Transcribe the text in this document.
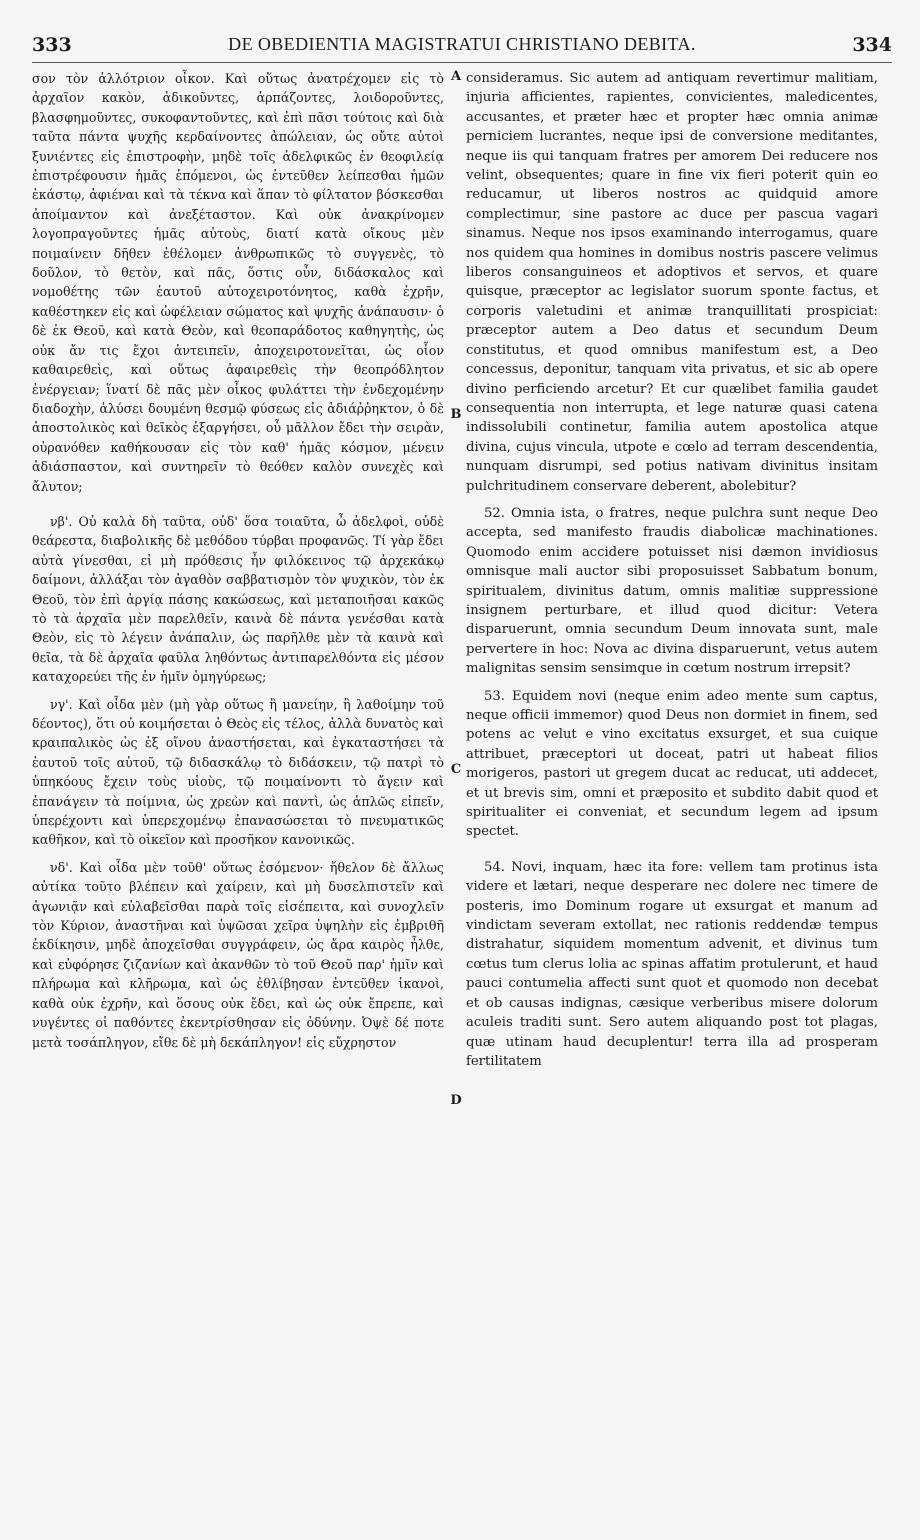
333	DE OBEDIENTIA MAGISTRATUI CHRISTIANO DEBITA.	334

σον τὸν ἀλλότριον οἶκον. Καὶ οὕτως ἀνατρέχομεν εἰς τὸ ἀρχαῖον κακὸν, ἀδικοῦντες, ἁρπάζοντες, λοιδοροῦντες, βλασφημοῦντες, συκοφαντοῦντες, καὶ ἐπὶ πᾶσι τούτοις καὶ διὰ ταῦτα πάντα ψυχῆς κερδαίνοντες ἀπώλειαν, ὡς οὔτε αὐτοὶ ξυνιέντες εἰς ἐπιστροφὴν, μηδὲ τοῖς ἀδελφικῶς ἐν θεοφιλείᾳ ἐπιστρέφουσιν ἡμᾶς ἑπόμενοι, ὡς ἐντεῦθεν λείπεσθαι ἡμῶν ἑκάστῳ, ἀφιέναι καὶ τὰ τέκνα καὶ ἅπαν τὸ φίλτατον βόσκεσθαι ἀποίμαντον καὶ ἀνεξέταστον. Καὶ οὐκ ἀνακρίνομεν λογοπραγοῦντες ἡμᾶς αὐτοὺς, διατί κατὰ οἴκους μὲν ποιμαίνειν δῆθεν ἐθέλομεν ἀνθρωπικῶς τὸ συγγενὲς, τὸ δοῦλον, τὸ θετὸν, καὶ πᾶς, ὅστις οὖν, διδάσκαλος καὶ νομοθέτης τῶν ἑαυτοῦ αὐτοχειροτόνητος, καθὰ ἐχρῆν, καθέστηκεν εἰς καὶ ὠφέλειαν σώματος καὶ ψυχῆς ἀνάπαυσιν· ὁ δὲ ἐκ Θεοῦ, καὶ κατὰ Θεὸν, καὶ θεοπαράδοτος καθηγητὴς, ὡς οὐκ ἄν τις ἔχοι ἀντειπεῖν, ἀποχειροτονεῖται, ὡς οἷον καθαιρεθεὶς, καὶ οὕτως ἀφαιρεθεὶς τὴν θεοπρόδλητον ἐνέργειαν; ἵνατί δὲ πᾶς μὲν οἶκος φυλάττει τὴν ἐνδεχομένην διαδοχὴν, ἁλύσει δουμένη θεσμῷ φύσεως εἰς ἀδιάῤῥηκτον, ὁ δὲ ἀποστολικὸς καὶ θεῖκὸς ἐξαργήσει, οὗ μᾶλλον ἔδει τὴν σειρὰν, οὐρανόθεν καθήκουσαν εἰς τὸν καθ' ἡμᾶς κόσμον, μένειν ἀδιάσπαστον, καὶ συντηρεῖν τὸ θεόθεν καλὸν συνεχὲς καὶ ἄλυτον;

νβ'. Οὐ καλὰ δὴ ταῦτα, οὐδ' ὅσα τοιαῦτα, ὦ ἀδελφοὶ, οὐδὲ θεάρεστα, διαβολικῆς δὲ μεθόδου τύρβαι προφανῶς. Τί γὰρ ἔδει αὐτὰ γίνεσθαι, εἰ μὴ πρόθεσις ἦν φιλόκεινος τῷ ἀρχεκάκῳ δαίμονι, ἀλλάξαι τὸν ἀγαθὸν σαββατισμὸν τὸν ψυχικὸν, τὸν ἐκ Θεοῦ, τὸν ἐπὶ ἀργίᾳ πάσης κακώσεως, καὶ μεταποιῆσαι κακῶς τὸ τὰ ἀρχαῖα μὲν παρελθεῖν, καινὰ δὲ πάντα γενέσθαι κατὰ Θεὸν, εἰς τὸ λέγειν ἀνάπαλιν, ὡς παρῆλθε μὲν τὰ καινὰ καὶ θεῖα, τὰ δὲ ἀρχαῖα φαῦλα ληθόντως ἀντιπαρελθόντα εἰς μέσον καταχορεύει τῆς ἐν ἡμῖν ὁμηγύρεως;

νγ'. Καὶ οἶδα μὲν (μὴ γὰρ οὕτως ἢ μανείην, ἢ λαθοίμην τοῦ δέοντος), ὅτι οὐ κοιμήσεται ὁ Θεὸς εἰς τέλος, ἀλλὰ δυνατὸς καὶ κραιπαλικὸς ὡς ἐξ οἴνου ἀναστήσεται, καὶ ἐγκαταστήσει τὰ ἑαυτοῦ τοῖς αὐτοῦ, τῷ διδασκάλῳ τὸ διδάσκειν, τῷ πατρὶ τὸ ὑπηκόους ἔχειν τοὺς υἱοὺς, τῷ ποιμαίνοντι τὸ ἄγειν καὶ ἐπανάγειν τὰ ποίμνια, ὡς χρεὼν καὶ παντὶ, ὡς ἁπλῶς εἰπεῖν, ὑπερέχοντι καὶ ὑπερεχομένῳ ἐπανασώσεται τὸ πνευματικῶς καθῆκον, καὶ τὸ οἰκεῖον καὶ προσῆκον κανονικῶς.

νδ'. Καὶ οἶδα μὲν τοῦθ' οὕτως ἐσόμενον· ἤθελον δὲ ἄλλως αὐτίκα τοῦτο βλέπειν καὶ χαίρειν, καὶ μὴ δυσελπιστεῖν καὶ ἀγωνιᾷν καὶ εὐλαβεῖσθαι παρὰ τοῖς εἰσέπειτα, καὶ συνοχλεῖν τὸν Κύριον, ἀναστῆναι καὶ ὑψῶσαι χεῖρα ὑψηλὴν εἰς ἐμβριθῆ ἐκδίκησιν, μηδὲ ἀποχεῖσθαι συγγράφειν, ὡς ἄρα καιρὸς ἦλθε, καὶ εὐφόρησε ζιζανίων καὶ ἀκανθῶν τὸ τοῦ Θεοῦ παρ' ἡμῖν καὶ πλήρωμα καὶ κλῆρωμα, καὶ ὡς ἐθλίβησαν ἐντεῦθεν ἱκανοὶ, καθὰ οὐκ ἐχρῆν, καὶ ὅσους οὐκ ἔδει, καὶ ὡς οὐκ ἔπρεπε, καὶ νυγέντες οἱ παθόντες ἐκεντρίσθησαν εἰς ὀδύνην. Ὀψὲ δέ ποτε μετὰ τοσάπληγον, εἴθε δὲ μὴ δεκάπληγον! εἰς εὔχρηστον

consideramus. Sic autem ad antiquam revertimur malitiam, injuria afficientes, rapientes, convicientes, maledicentes, accusantes, et præter hæc et propter hæc omnia animæ perniciem lucrantes, neque ipsi de conversione meditantes, neque iis qui tanquam fratres per amorem Dei reducere nos velint, obsequentes; quare in fine vix fieri poterit quin eo reducamur, ut liberos nostros ac quidquid amore complectimur, sine pastore ac duce per pascua vagari sinamus. Neque nos ipsos examinando interrogamus, quare nos quidem qua homines in domibus nostris pascere velimus liberos consanguineos et adoptivos et servos, et quare quisque, præceptor ac legislator suorum sponte factus, et corporis valetudini et animæ tranquillitati prospiciat: præceptor autem a Deo datus et secundum Deum constitutus, et quod omnibus manifestum est, a Deo concessus, deponitur, tanquam vita privatus, et sic ab opere divino perficiendo arcetur? Et cur quælibet familia gaudet consequentia non interrupta, et lege naturæ quasi catena indissolubili continetur, familia autem apostolica atque divina, cujus vincula, utpote e cœlo ad terram descendentia, nunquam disrumpi, sed potius nativam divinitus insitam pulchritudinem conservare deberent, abolebitur?

52. Omnia ista, o fratres, neque pulchra sunt neque Deo accepta, sed manifesto fraudis diabolicæ machinationes. Quomodo enim accidere potuisset nisi dæmon invidiosus omnisque mali auctor sibi proposuisset Sabbatum bonum, spiritualem, divinitus datum, omnis malitiæ suppressione insignem perturbare, et illud quod dicitur: Vetera disparuerunt, omnia secundum Deum innovata sunt, male pervertere in hoc: Nova ac divina disparuerunt, vetus autem malignitas sensim sensimque in cœtum nostrum irrepsit?

53. Equidem novi (neque enim adeo mente sum captus, neque officii immemor) quod Deus non dormiet in finem, sed potens ac velut e vino excitatus exsurget, et sua cuique attribuet, præceptori ut doceat, patri ut habeat filios morigeros, pastori ut gregem ducat ac reducat, uti addecet, et ut brevis sim, omni et præposito et subdito dabit quod et spiritualiter ei conveniat, et secundum legem ad ipsum spectet.

54. Novi, inquam, hæc ita fore: vellem tam protinus ista videre et lætari, neque desperare nec dolere nec timere de posteris, imo Dominum rogare ut exsurgat et manum ad vindictam severam extollat, nec rationis reddendæ tempus distrahatur, siquidem momentum advenit, et divinus tum cœtus tum clerus lolia ac spinas affatim protulerunt, et haud pauci contumelia affecti sunt quot et quomodo non decebat et ob causas indignas, cæsique verberibus misere dolorum aculeis traditi sunt. Sero autem aliquando post tot plagas, quæ utinam haud decuplentur! terra illa ad prosperam fertilitatem

A
B
C
D
